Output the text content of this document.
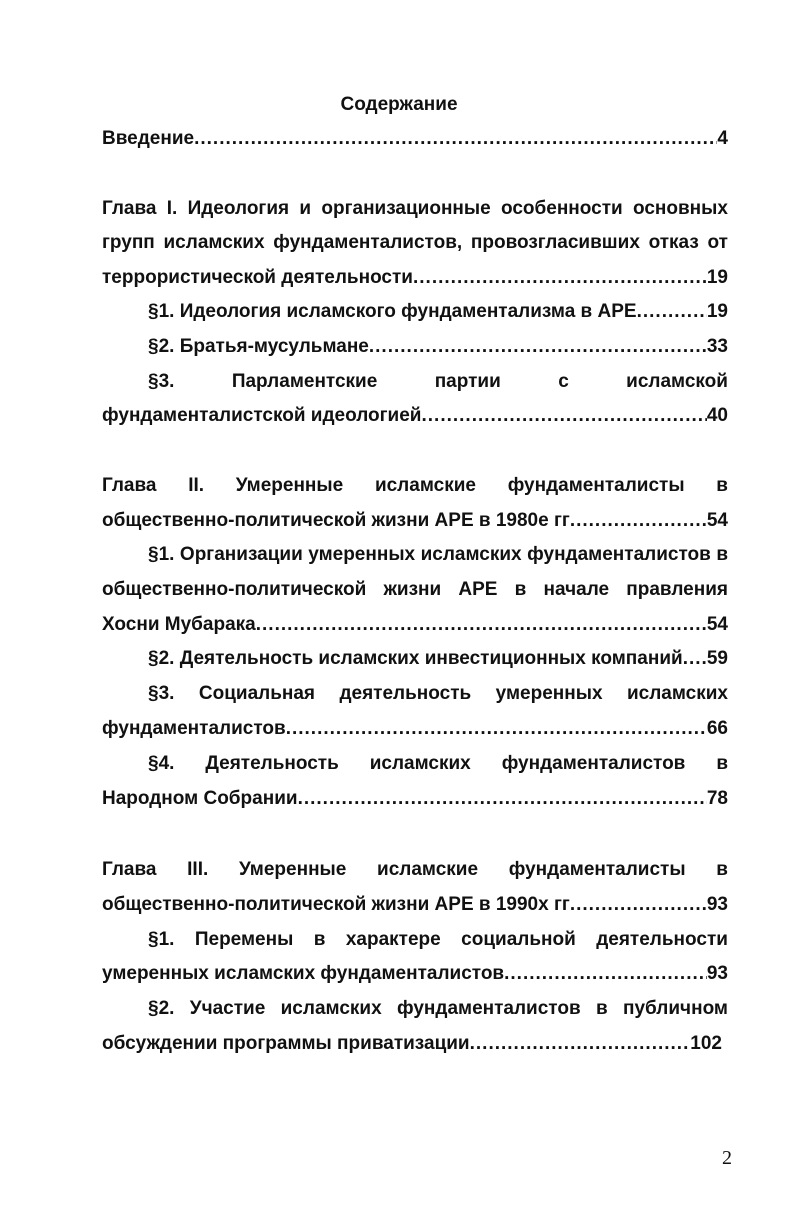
Содержание
Введение .....	4
Глава I. Идеология и организационные особенности основных
групп исламских фундаменталистов, провозгласивших отказ от
террористической деятельности .....	19
§1. Идеология исламского фундаментализма в АРЕ .....	19
§2. Братья-мусульмане .....	33
§3.	Парламентские	партии	с	исламской
фундаменталистской идеологией .....	40
Глава II. Умеренные исламские фундаменталисты в
общественно-политической жизни АРЕ в 1980е гг .....	54
§1. Организации умеренных исламских фундаменталистов в
общественно-политической жизни АРЕ в начале правления
Хосни Мубарака .....	54
§2. Деятельность исламских инвестиционных компаний ..... 59
§3. Социальная деятельность умеренных исламских
фундаменталистов .....	66
§4. Деятельность исламских фундаменталистов в
Народном Собрании .....	78
Глава III. Умеренные исламские фундаменталисты в
общественно-политической жизни АРЕ в 1990х гг .....	93
§1. Перемены в характере социальной деятельности
умеренных исламских фундаменталистов .....	93
§2. Участие исламских фундаменталистов в публичном
обсуждении программы приватизации .....	102
2
